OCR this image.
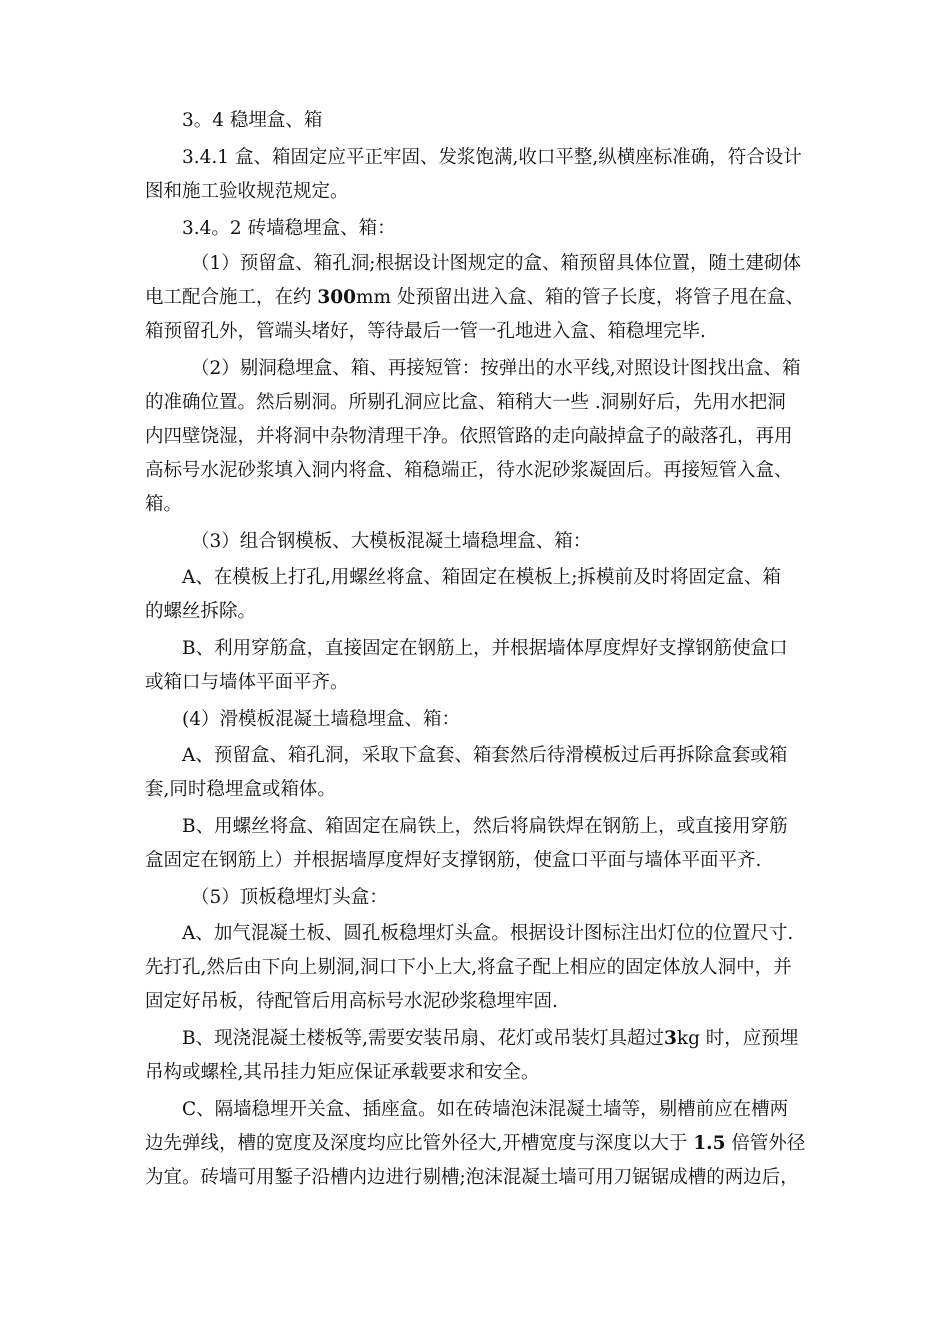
3。4 稳埋盒、箱
3.4.1 盒、箱固定应平正牢固、发浆饱满,收口平整,纵横座标准确，符合设计
图和施工验收规范规定。
3.4。2 砖墙稳埋盒、箱：
（1）预留盒、箱孔洞;根据设计图规定的盒、箱预留具体位置，随土建砌体
电工配合施工，在约 300mm 处预留出进入盒、箱的管子长度，将管子甩在盒、
箱预留孔外，管端头堵好，等待最后一管一孔地进入盒、箱稳埋完毕.
（2）剔洞稳埋盒、箱、再接短管：按弹出的水平线,对照设计图找出盒、箱
的准确位置。然后剔洞。所剔孔洞应比盒、箱稍大一些 .洞剔好后，先用水把洞
内四壁饶湿，并将洞中杂物清理干净。依照管路的走向敲掉盒子的敲落孔，再用
高标号水泥砂浆填入洞内将盒、箱稳端正，待水泥砂浆凝固后。再接短管入盒、
箱。
（3）组合钢模板、大模板混凝土墙稳埋盒、箱：
A、在模板上打孔,用螺丝将盒、箱固定在模板上;拆模前及时将固定盒、箱
的螺丝拆除。
B、利用穿筋盒，直接固定在钢筋上，并根据墙体厚度焊好支撑钢筋使盒口
或箱口与墙体平面平齐。
(4）滑模板混凝土墙稳埋盒、箱：
A、预留盒、箱孔洞，采取下盒套、箱套然后待滑模板过后再拆除盒套或箱
套,同时稳埋盒或箱体。
B、用螺丝将盒、箱固定在扁铁上，然后将扁铁焊在钢筋上，或直接用穿筋
盒固定在钢筋上）并根据墙厚度焊好支撑钢筋，使盒口平面与墙体平面平齐.
（5）顶板稳埋灯头盒：
A、加气混凝土板、圆孔板稳埋灯头盒。根据设计图标注出灯位的位置尺寸.
先打孔,然后由下向上剔洞,洞口下小上大,将盒子配上相应的固定体放人洞中，并
固定好吊板，待配管后用高标号水泥砂浆稳埋牢固.
B、现浇混凝土楼板等,需要安装吊扇、花灯或吊装灯具超过3kg 时，应预埋
吊构或螺栓,其吊挂力矩应保证承载要求和安全。
C、隔墙稳埋开关盒、插座盒。如在砖墙泡沫混凝土墙等，剔槽前应在槽两
边先弹线，槽的宽度及深度均应比管外径大,开槽宽度与深度以大于 1.5 倍管外径
为宜。砖墙可用錾子沿槽内边进行剔槽;泡沫混凝土墙可用刀锯锯成槽的两边后，
